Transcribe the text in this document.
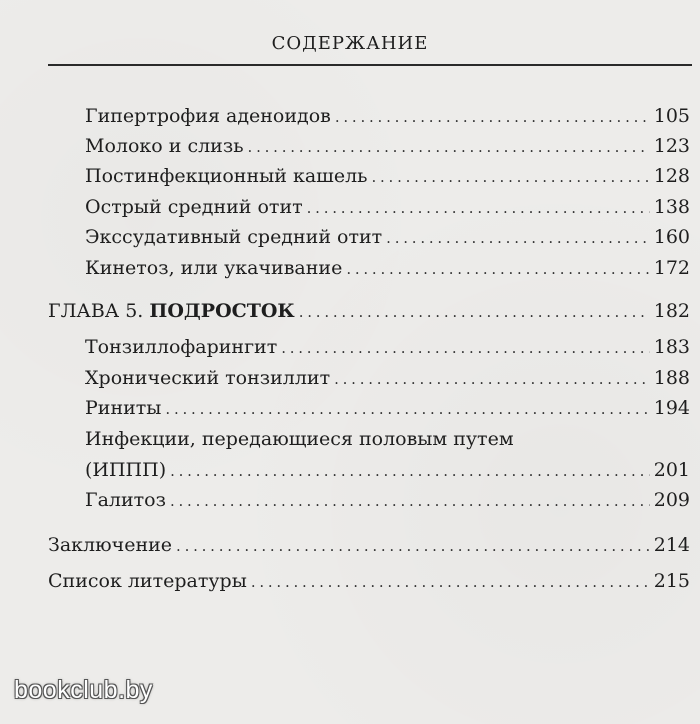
СОДЕРЖАНИЕ
Гипертрофия аденоидов . . .	105
Молоко и слизь . . .	123
Постинфекционный кашель . . .	128
Острый средний отит . . .	138
Экссудативный средний отит . . .	160
Кинетоз, или укачивание . . .	172
ГЛАВА 5. ПОДРОСТОК . . .	182
Тонзиллофарингит . . .	183
Хронический тонзиллит . . .	188
Риниты . . .	194
Инфекции, передающиеся половым путем
(ИППП) . . .	201
Галитоз . . .	209
Заключение . . .	214
Список литературы . . .	215
bookclub.by
